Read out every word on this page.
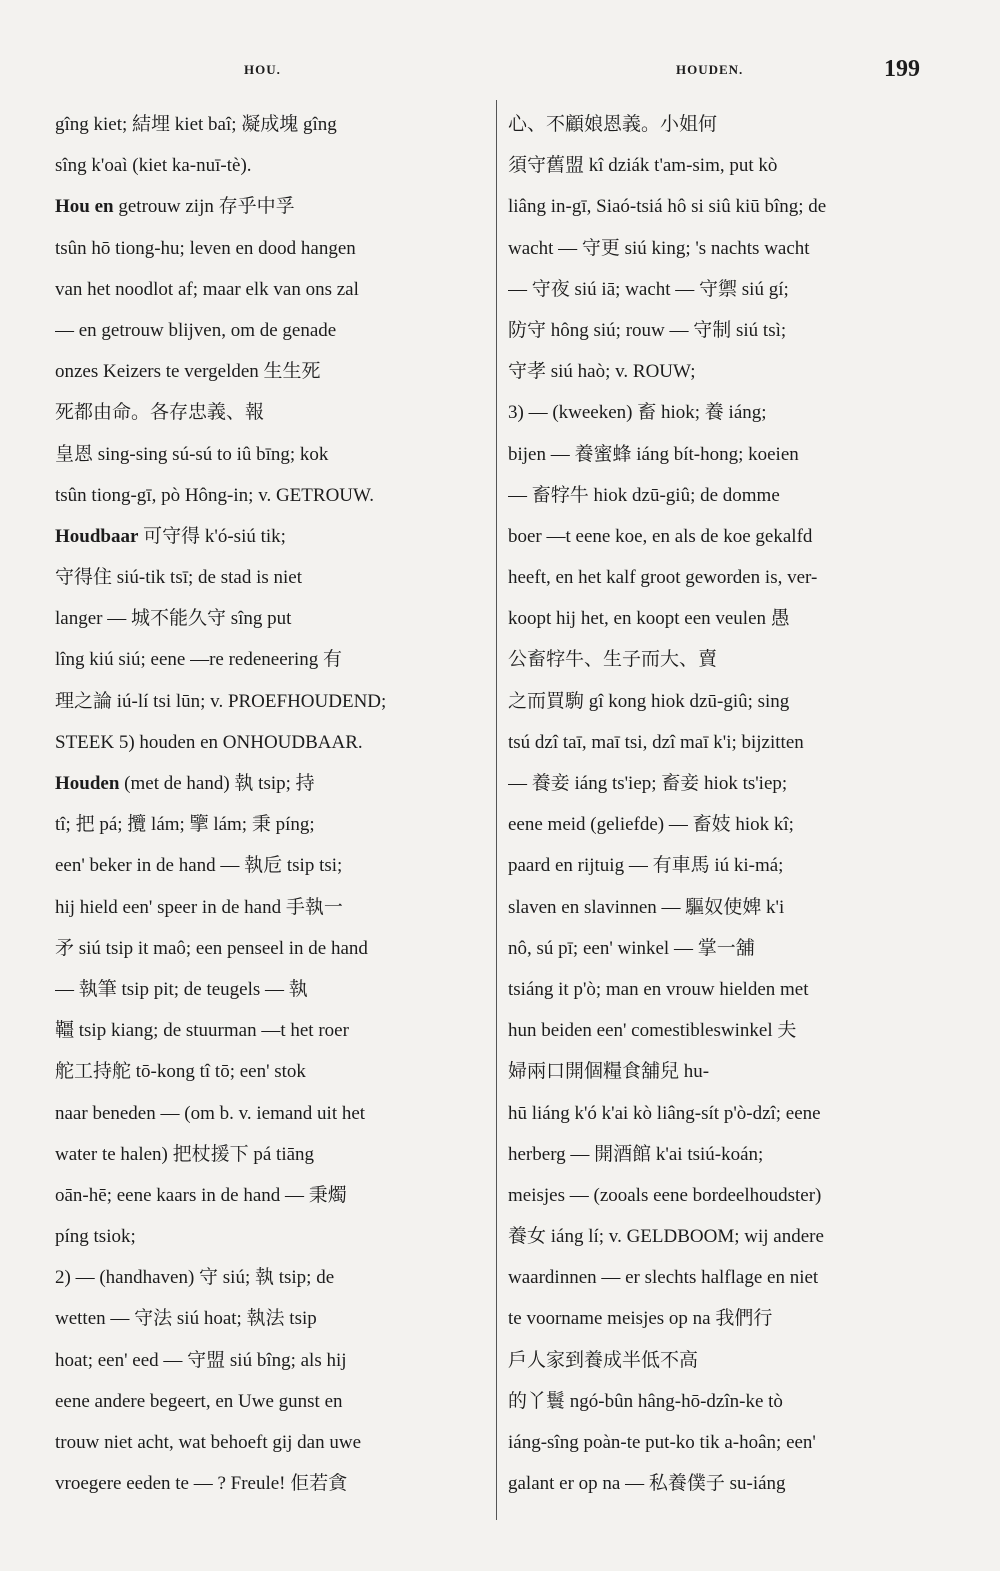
HOU.	HOUDEN.	199
gîng kiet; 結埋 kiet baî; 凝成塊 gîng
sîng k'oaì (kiet ka-nuī-tè).
Hou en getrouw zijn 存乎中孚
tsûn hō tiong-hu; leven en dood hangen
van het noodlot af; maar elk van ons zal
— en getrouw blijven, om de genade
onzes Keizers te vergelden 生生死
死都由命。各存忠義、報
皇恩 sing-sing sú-sú to iû bīng; kok
tsûn tiong-gī, pò Hông-in; v. GETROUW.
Houdbaar 可守得 k'ó-siú tik;
守得住 siú-tik tsī; de stad is niet
langer — 城不能久守 sîng put
lîng kiú siú; eene —re redeneering 有
理之論 iú-lí tsi lūn; v. PROEFHOUDEND;
STEEK 5) houden en ONHOUDBAAR.
Houden (met de hand) 執 tsip; 持
tî; 把 pá; 攬 lám; 擥 lám; 秉 píng;
een' beker in de hand — 執卮 tsip tsi;
hij hield een' speer in de hand 手執一
矛 siú tsip it maô; een penseel in de hand
— 執筆 tsip pit; de teugels — 執
韁 tsip kiang; de stuurman —t het roer
舵工持舵 tō-kong tî tō; een' stok
naar beneden — (om b. v. iemand uit het
water te halen) 把杖援下 pá tiāng
oān-hē; eene kaars in de hand — 秉燭
píng tsiok;
2) — (handhaven) 守 siú; 執 tsip; de
wetten — 守法 siú hoat; 執法 tsip
hoat; een' eed — 守盟 siú bîng; als hij
eene andere begeert, en Uwe gunst en
trouw niet acht, wat behoeft gij dan uwe
vroegere eeden te — ? Freule! 佢若貪
心、不顧娘恩義。小姐何
須守舊盟 kî dziák t'am-sim, put kò
liâng in-gī, Siaó-tsiá hô si siû kiū bîng; de
wacht — 守更 siú king; 's nachts wacht
— 守夜 siú iā; wacht — 守禦 siú gí;
防守 hông siú; rouw — 守制 siú tsì;
守孝 siú haò; v. ROUW;
3) — (kweeken) 畜 hiok; 養 iáng;
bijen — 養蜜蜂 iáng bít-hong; koeien
— 畜牸牛 hiok dzū-giû; de domme
boer —t eene koe, en als de koe gekalfd
heeft, en het kalf groot geworden is, ver-
koopt hij het, en koopt een veulen 愚
公畜牸牛、生子而大、賣
之而買駒 gî kong hiok dzū-giû; sing
tsú dzî taī, maī tsi, dzî maī k'i; bijzitten
— 養妾 iáng ts'iep; 畜妾 hiok ts'iep;
eene meid (geliefde) — 畜妓 hiok kî;
paard en rijtuig — 有車馬 iú ki-má;
slaven en slavinnen — 驅奴使婢 k'i
nô, sú pī; een' winkel — 掌一舖
tsiáng it p'ò; man en vrouw hielden met
hun beiden een' comestibleswinkel 夫
婦兩口開個糧食舖兒 hu-
hū liáng k'ó k'ai kò liâng-sít p'ò-dzî; eene
herberg — 開酒館 k'ai tsiú-koán;
meisjes — (zooals eene bordeelhoudster)
養女 iáng lí; v. GELDBOOM; wij andere
waardinnen — er slechts halflage en niet
te voorname meisjes op na 我們行
戶人家到養成半低不高
的丫鬟 ngó-bûn hâng-hō-dzîn-ke tò
iáng-sîng poàn-te put-ko tik a-hoân; een'
galant er op na — 私養僕子 su-iáng
